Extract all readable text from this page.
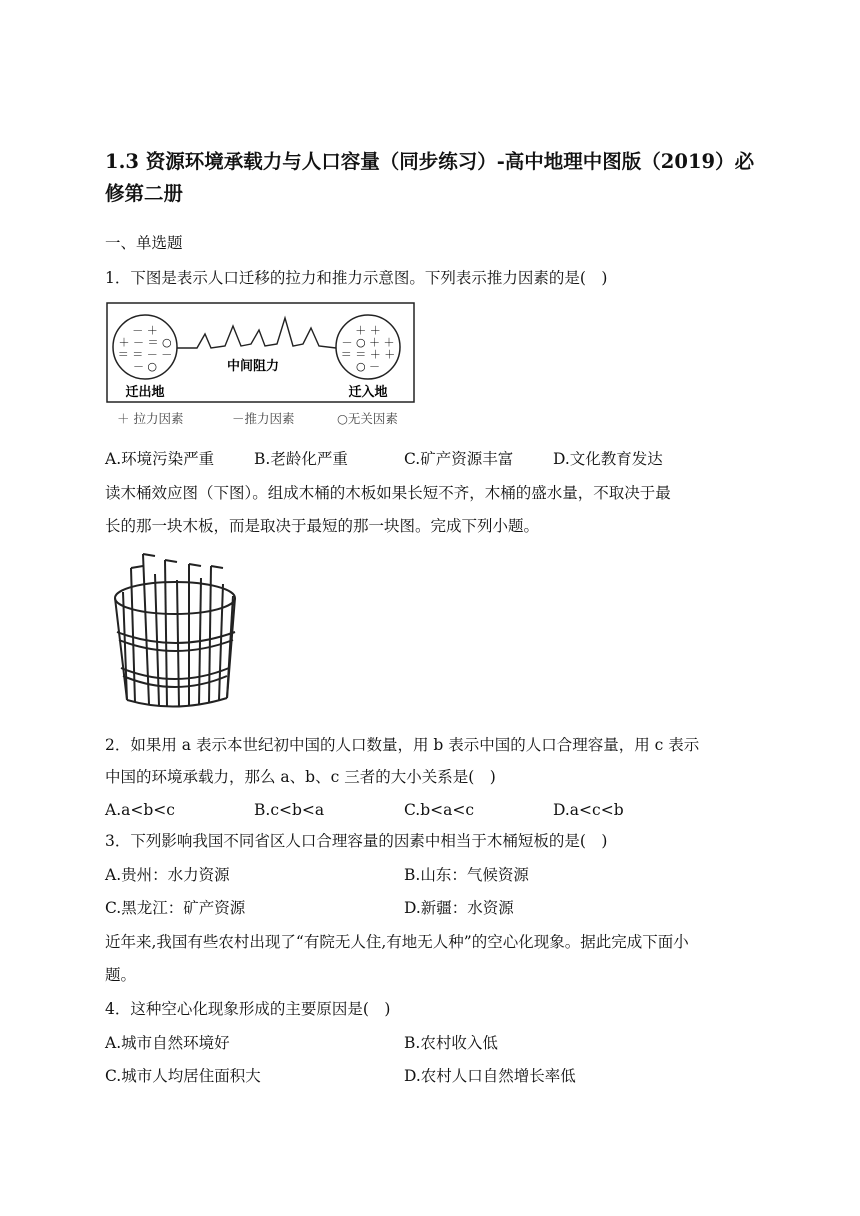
1.3 资源环境承载力与人口容量（同步练习）-高中地理中图版（2019）必修第二册
一、单选题
1．下图是表示人口迁移的拉力和推力示意图。下列表示推力因素的是(　)
－ ＋
＋ － ＝ ○
＝ ＝ － －
－ ○
＋ ＋
－ ○ ＋ ＋
＝ ＝ ＋ ＋
○ －
中间阻力
迁出地	迁入地
＋ 拉力因素	－推力因素	○无关因素
A.环境污染严重	B.老龄化严重	C.矿产资源丰富	D.文化教育发达
读木桶效应图（下图）。组成木桶的木板如果长短不齐，木桶的盛水量，不取决于最
长的那一块木板，而是取决于最短的那一块图。完成下列小题。
2．如果用 a 表示本世纪初中国的人口数量，用 b 表示中国的人口合理容量，用 c 表示
中国的环境承载力，那么 a、b、c 三者的大小关系是(　)
A.a<b<c	B.c<b<a	C.b<a<c	D.a<c<b
3．下列影响我国不同省区人口合理容量的因素中相当于木桶短板的是(　)
A.贵州：水力资源	B.山东：气候资源
C.黑龙江：矿产资源	D.新疆：水资源
近年来,我国有些农村出现了“有院无人住,有地无人种”的空心化现象。据此完成下面小
题。
4．这种空心化现象形成的主要原因是(　)
A.城市自然环境好	B.农村收入低
C.城市人均居住面积大	D.农村人口自然增长率低
